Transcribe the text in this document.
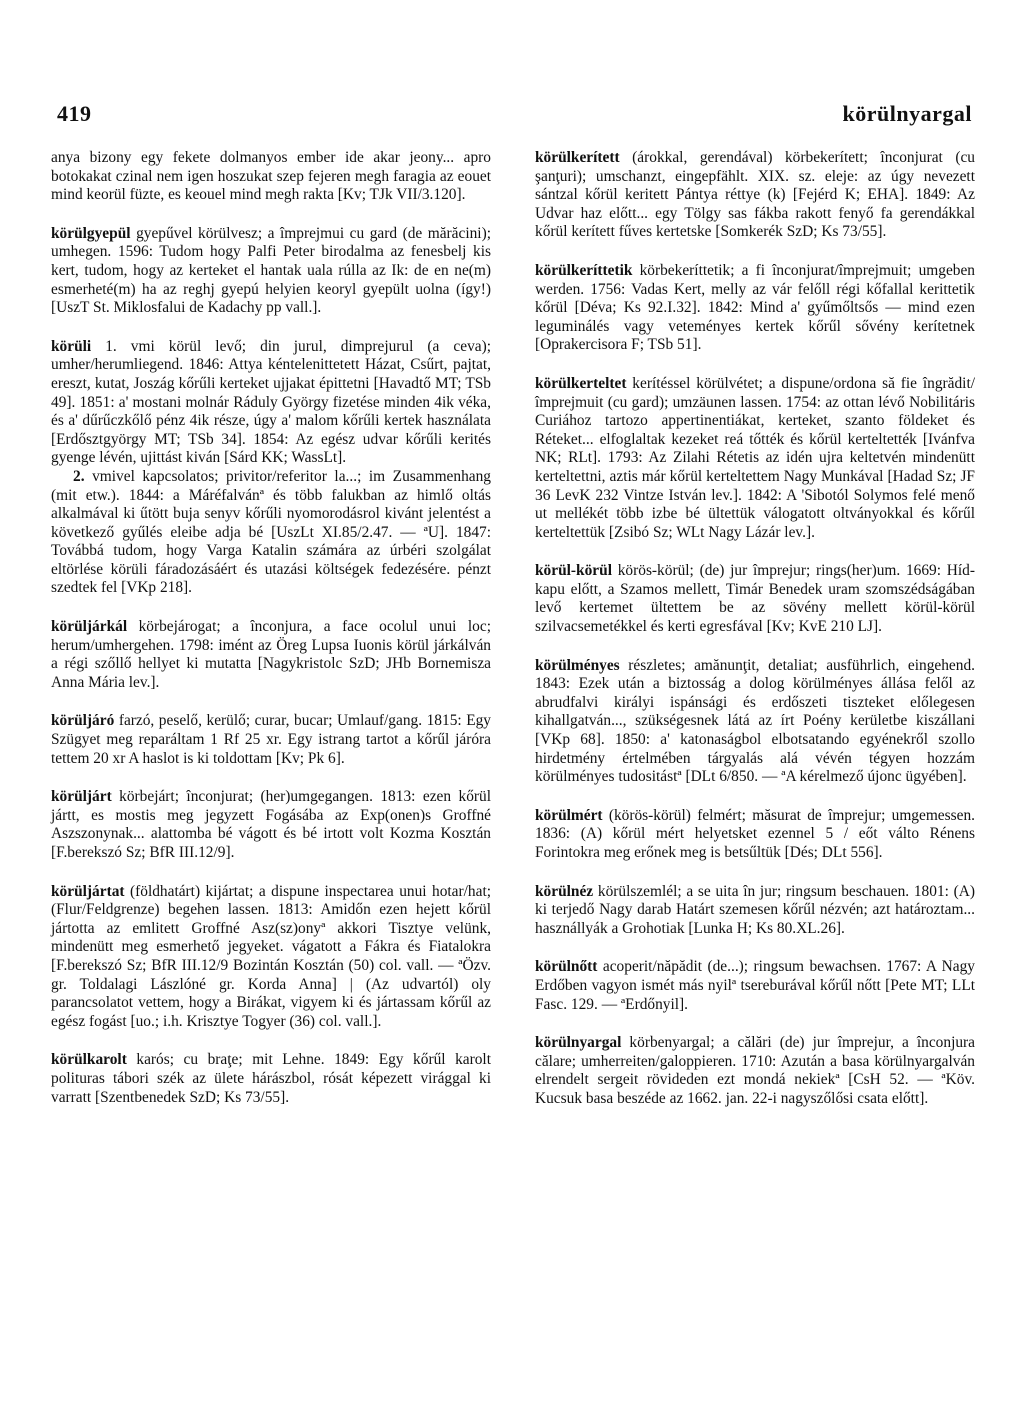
419	körülnyargal

anya bizony egy fekete dolmanyos ember ide akar jeony... apro botokakat czinal nem igen hoszukat szep fejeren megh faragia az eouet mind keorül füzte, es keouel mind megh rakta [Kv; TJk VII/3.120].

körülgyepül gyepűvel körülvesz; a împrejmui cu gard (de mărăcini); umhegen. 1596: Tudom hogy Palfi Peter birodalma az fenesbelj kis kert, tudom, hogy az kerteket el hantak uala rúlla az Ik: de en ne(m) esmerheté(m) ha az reghj gyepú helyien keoryl gyepült uolna (így!) [UszT St. Miklosfalui de Kadachy pp vall.].

körüli 1. vmi körül levő; din jurul, dimprejurul (a ceva); umher/herumliegend. 1846: Attya kéntelenittetett Házat, Csűrt, pajtat, ereszt, kutat, Joszág kőrűli kerteket ujjakat épittetni [Havadtő MT; TSb 49]. 1851: a' mostani molnár Ráduly György fizetése minden 4ik véka, és a' dűrűczkőlő pénz 4ik része, úgy a' malom kőrűli kertek használata [Erdősztgyörgy MT; TSb 34]. 1854: Az egész udvar kőrűli kerités gyenge lévén, ujittást kiván [Sárd KK; WassLt].
2. vmivel kapcsolatos; privitor/referitor la...; im Zusammenhang (mit etw.). 1844: a Máréfalvánª és több falukban az himlő oltás alkalmával ki űtött buja senyv kőrűli nyomorodásrol kivánt jelentést a következő gyűlés eleibe adja bé [UszLt XI.85/2.47. — ªU]. 1847: Továbbá tudom, hogy Varga Katalin számára az úrbéri szolgálat eltörlése körüli fáradozásáért és utazási költségek fedezésére. pénzt szedtek fel [VKp 218].

körüljárkál körbejárogat; a înconjura, a face ocolul unui loc; herum/umhergehen. 1798: imént az Öreg Lupsa Iuonis körül járkálván a régi szőllő hellyet ki mutatta [Nagykristolc SzD; JHb Bornemisza Anna Mária lev.].

körüljáró farzó, peselő, kerülő; curar, bucar; Umlauf/gang. 1815: Egy Szügyet meg reparáltam 1 Rf 25 xr. Egy istrang tartot a kőrűl járóra tettem 20 xr A haslot is ki toldottam [Kv; Pk 6].

körüljárt körbejárt; înconjurat; (her)umgegangen. 1813: ezen kőrül jártt, es mostis meg jegyzett Fogásába az Exp(onen)s Groffné Aszszonynak... alattomba bé vágott és bé irtott volt Kozma Kosztán [F.berekszó Sz; BfR III.12/9].

körüljártat (földhatárt) kijártat; a dispune inspectarea unui hotar/hat; (Flur/Feldgrenze) begehen lassen. 1813: Amidőn ezen hejett kőrül jártotta az emlitett Groffné Asz(sz)onyª akkori Tisztye velünk, mindenütt meg esmerhető jegyeket. vágatott a Fákra és Fiatalokra [F.berekszó Sz; BfR III.12/9 Bozintán Kosztán (50) col. vall. — ªÖzv. gr. Toldalagi Lászlóné gr. Korda Anna] | (Az udvartól) oly parancsolatot vettem, hogy a Birákat, vigyem ki és jártassam kőrűl az egész fogást [uo.; i.h. Krisztye Togyer (36) col. vall.].

körülkarolt karós; cu braţe; mit Lehne. 1849: Egy kőrűl karolt polituras tábori szék az ülete hárászbol, rósát képezett virággal ki varratt [Szentbenedek SzD; Ks 73/55].

körülkerített (árokkal, gerendával) körbekerített; înconjurat (cu şanţuri); umschanzt, eingepfählt. XIX. sz. eleje: az úgy nevezett sántzal kőrül keritett Pántya réttye (k) [Fejérd K; EHA]. 1849: Az Udvar haz előtt... egy Tölgy sas fákba rakott fenyő fa gerendákkal kőrül kerített fűves kertetske [Somkerék SzD; Ks 73/55].

körülkeríttetik körbekeríttetik; a fi înconjurat/împrejmuit; umgeben werden. 1756: Vadas Kert, melly az vár felőll régi kőfallal kerittetik kőrül [Déva; Ks 92.I.32]. 1842: Mind a' gyűmőltsős — mind ezen leguminálés vagy veteményes kertek kőrűl sővény kerítetnek [Oprakercisora F; TSb 51].

körülkerteltet kerítéssel körülvétet; a dispune/ordona să fie îngrădit/împrejmuit (cu gard); umzäunen lassen. 1754: az ottan lévő Nobilitáris Curiához tartozo appertinentiákat, kerteket, szanto földeket és Réteket... elfoglaltak kezeket reá tőtték és kőrül kerteltették [Ivánfva NK; RLt]. 1793: Az Zilahi Rétetis az idén ujra keltetvén mindenütt kerteltettni, aztis már kőrül kerteltettem Nagy Munkával [Hadad Sz; JF 36 LevK 232 Vintze István lev.]. 1842: A 'Sibotól Solymos felé menő ut mellékét több izbe bé ültettük válogatott oltványokkal és kőrűl kerteltettük [Zsibó Sz; WLt Nagy Lázár lev.].

körül-körül körös-körül; (de) jur împrejur; rings(her)um. 1669: Híd-kapu előtt, a Szamos mellett, Timár Benedek uram szomszédságában levő kertemet ültettem be az sövény mellett körül-körül szilvacsemetékkel és kerti egresfával [Kv; KvE 210 LJ].

körülményes részletes; amănunţit, detaliat; ausführlich, eingehend. 1843: Ezek után a biztosság a dolog körülményes állása felől az abrudfalvi királyi ispánsági és erdőszeti tiszteket előlegesen kihallgatván..., szükségesnek látá az írt Poény kerületbe kiszállani [VKp 68]. 1850: a' katonaságbol elbotsatando egyénekről szollo hirdetmény értelmében tárgyalás alá vévén tégyen hozzám körülményes tudositástª [DLt 6/850. — ªA kérelmező újonc ügyében].

körülmért (körös-körül) felmért; măsurat de împrejur; umgemessen. 1836: (A) kőrül mért helyetsket ezennel 5 / eőt válto Rénens Forintokra meg erőnek meg is betsűltük [Dés; DLt 556].

körülnéz körülszemlél; a se uita în jur; ringsum beschauen. 1801: (A) ki terjedő Nagy darab Határt szemesen kőrűl nézvén; azt határoztam... használlyák a Grohotiak [Lunka H; Ks 80.XL.26].

körülnőtt acoperit/năpădit (de...); ringsum bewachsen. 1767: A Nagy Erdőben vagyon ismét más nyilª tsereburával kőrűl nőtt [Pete MT; LLt Fasc. 129. — ªErdőnyil].

körülnyargal körbenyargal; a călări (de) jur împrejur, a înconjura călare; umherreiten/galoppieren. 1710: Azután a basa körülnyargalván elrendelt sergeit rövideden ezt mondá nekiekª [CsH 52. — ªKöv. Kucsuk basa beszéde az 1662. jan. 22-i nagyszőlősi csata előtt].
